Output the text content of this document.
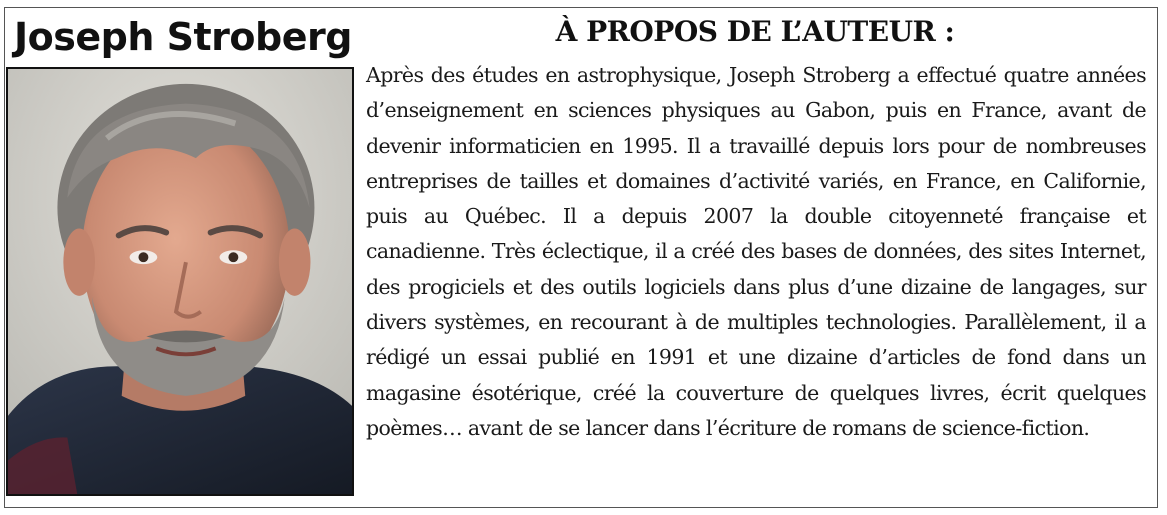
Joseph Stroberg	À PROPOS DE L’AUTEUR :

Après des études en astrophysique, Joseph Stroberg a effectué quatre années d’enseignement en sciences physiques au Gabon, puis en France, avant de devenir informaticien en 1995. Il a travaillé depuis lors pour de nombreuses entreprises de tailles et domaines d’activité variés, en France, en Californie, puis au Québec. Il a depuis 2007 la double citoyenneté française et canadienne. Très éclectique, il a créé des bases de données, des sites Internet, des progiciels et des outils logiciels dans plus d’une dizaine de langages, sur divers systèmes, en recourant à de multiples technologies. Parallèlement, il a rédigé un essai publié en 1991 et une dizaine d’articles de fond dans un magasine ésotérique, créé la couverture de quelques livres, écrit quelques poèmes… avant de se lancer dans l’écriture de romans de science-fiction.
